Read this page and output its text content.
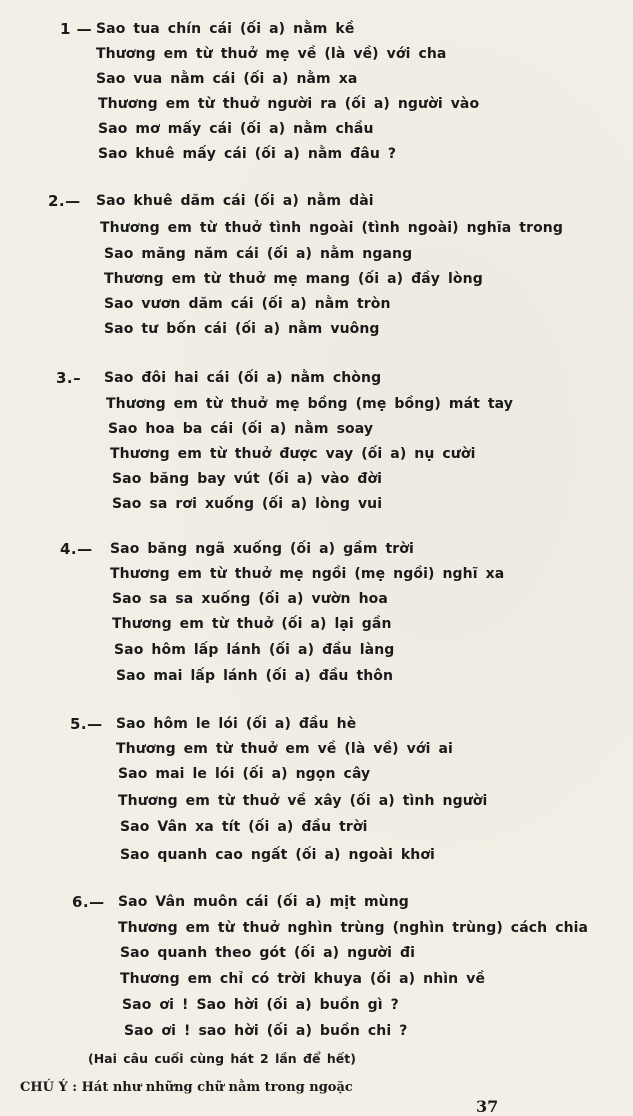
1 — Sao tua chín cái (ối a) nằm kề
Thương em từ thuở mẹ về (là về) với cha
Sao vua nằm cái (ối a) nằm xa
Thương em từ thuở người ra (ối a) người vào
Sao mơ mấy cái (ối a) nằm chầu
Sao khuê mấy cái (ối a) nằm đâu ?
2.— Sao khuê dăm cái (ối a) nằm dài
Thương em từ thuở tình ngoài (tình ngoài) nghĩa trong
Sao măng năm cái (ối a) nằm ngang
Thương em từ thuở mẹ mang (ối a) đầy lòng
Sao vươn dăm cái (ối a) nằm tròn
Sao tư bốn cái (ối a) nằm vuông
3.– Sao đôi hai cái (ối a) nằm chòng
Thương em từ thuở mẹ bồng (mẹ bồng) mát tay
Sao hoa ba cái (ối a) nằm soay
Thương em từ thuở được vay (ối a) nụ cười
Sao băng bay vút (ối a) vào đời
Sao sa rơi xuống (ối a) lòng vui
4.— Sao băng ngã xuống (ối a) gầm trời
Thương em từ thuở mẹ ngồi (mẹ ngồi) nghĩ xa
Sao sa sa xuống (ối a) vườn hoa
Thương em từ thuở (ối a) lại gần
Sao hôm lấp lánh (ối a) đầu làng
Sao mai lấp lánh (ối a) đầu thôn
5.— Sao hôm le lói (ối a) đầu hè
Thương em từ thuở em về (là về) với ai
Sao mai le lói (ối a) ngọn cây
Thương em từ thuở về xây (ối a) tình người
Sao Vân xa tít (ối a) đầu trời
Sao quanh cao ngất (ối a) ngoài khơi
6.— Sao Vân muôn cái (ối a) mịt mùng
Thương em từ thuở nghìn trùng (nghìn trùng) cách chia
Sao quanh theo gót (ối a) người đi
Thương em chỉ có trời khuya (ối a) nhìn về
Sao ơi ! Sao hời (ối a) buồn gì ?
Sao ơi ! sao hời (ối a) buồn chi ?
(Hai câu cuối cùng hát 2 lần để hết)
CHÚ Ý : Hát như những chữ nằm trong ngoặc
37
